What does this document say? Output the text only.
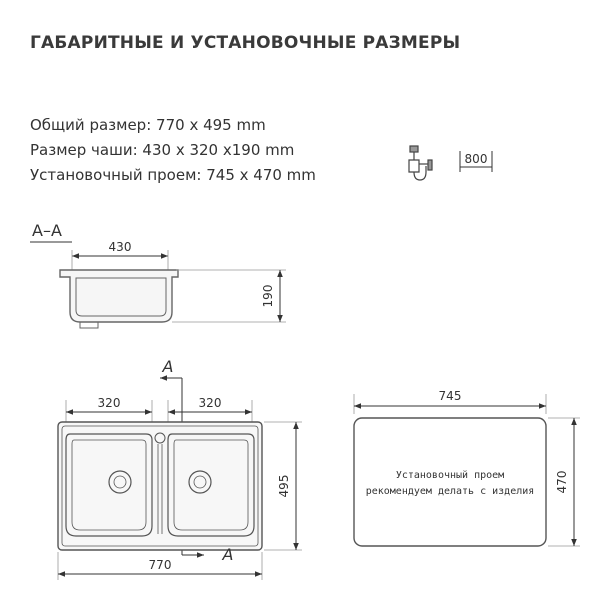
ГАБАРИТНЫЕ И УСТАНОВОЧНЫЕ РАЗМЕРЫ
Общий размер: 770 x 495 mm
Размер чаши: 430 x 320 x190 mm
Установочный проем: 745 x 470 mm
800
А–А
430
190
А
А
320	320
770
495
745
470
Установочный проем
рекомендуем делать с изделия
